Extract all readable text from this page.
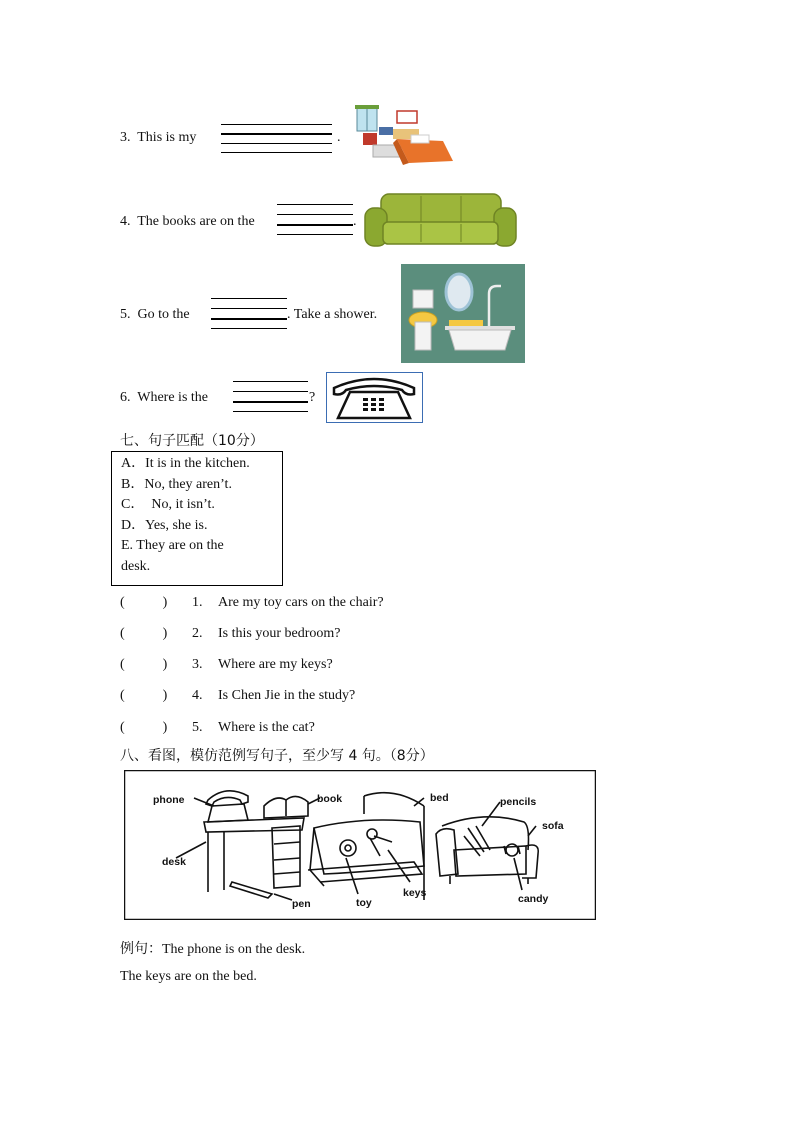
3. This is my	.
4. The books are on the	.
5. Go to the	. Take a shower.
6. Where is the	?
七、句子匹配（10分）
A．It is in the kitchen.
B．No, they aren’t.
C．  No, it isn’t.
D．Yes, she is.
E. They are on the
desk.
(	) 1. Are my toy cars on the chair?
(	) 2. Is this your bedroom?
(	) 3. Where are my keys?
(	) 4. Is Chen Jie in the study?
(	) 5. Where is the cat?
八、看图，模仿范例写句子，至少写 4 句。（8分）
phone	book	bed	pencils
sofa
desk
toy
keys
pen	candy
例句：The phone is on the desk.
The keys are on the bed.
